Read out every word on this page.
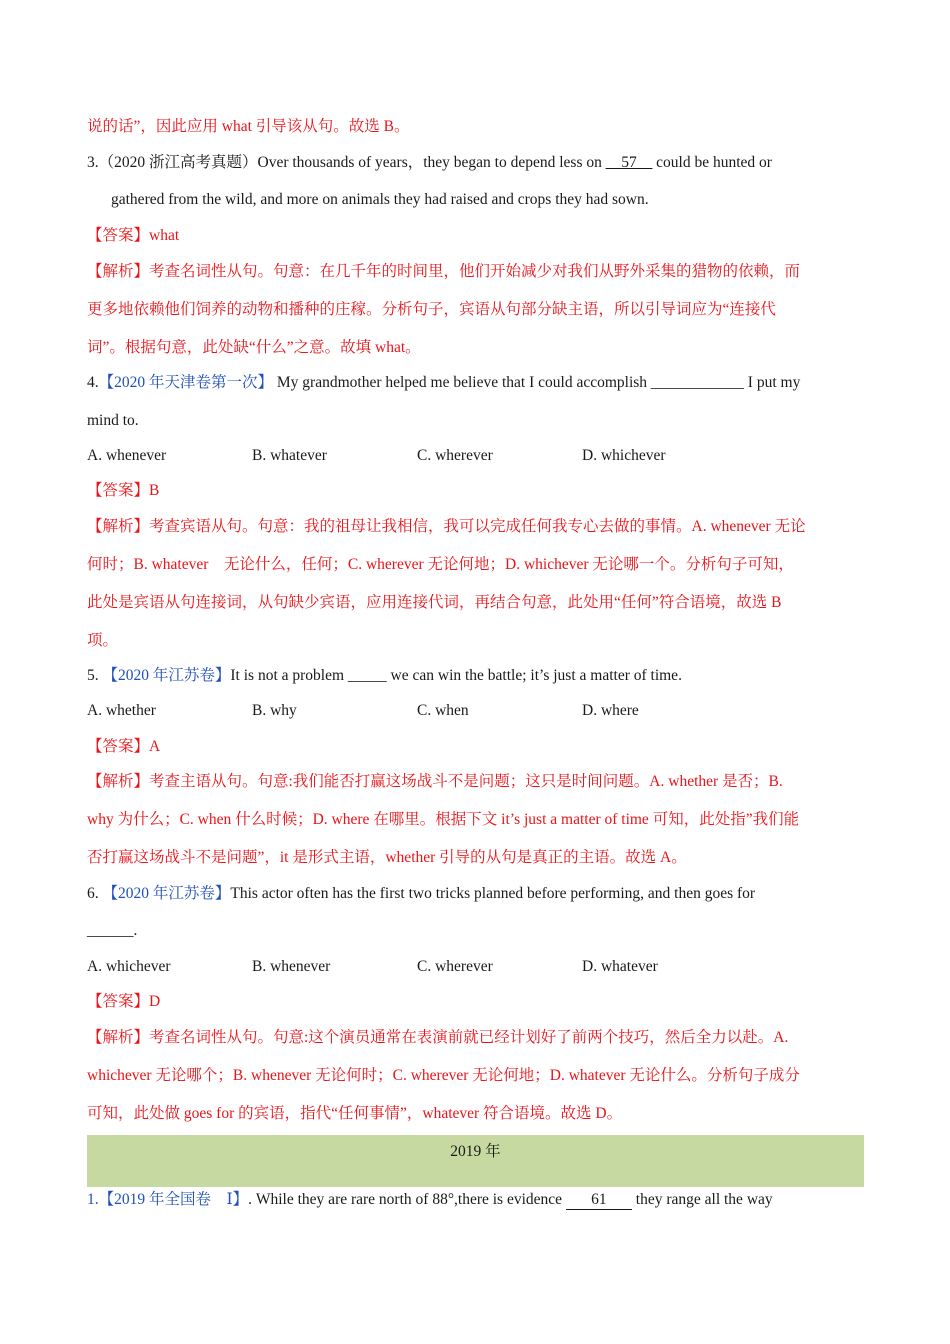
说的话”，因此应用 what 引导该从句。故选 B。
3.（2020 浙江高考真题）Over thousands of years，they began to depend less on __57__ could be hunted or
gathered from the wild, and more on animals they had raised and crops they had sown.
【答案】what
【解析】考查名词性从句。句意：在几千年的时间里，他们开始减少对我们从野外采集的猎物的依赖，而
更多地依赖他们饲养的动物和播种的庄稼。分析句子，宾语从句部分缺主语，所以引导词应为“连接代
词”。根据句意，此处缺“什么”之意。故填 what。
4.【2020 年天津卷第一次】 My grandmother helped me believe that I could accomplish ____________ I put my
mind to.
A. whenever	B. whatever	C. wherever	D. whichever
【答案】B
【解析】考查宾语从句。句意：我的祖母让我相信，我可以完成任何我专心去做的事情。A. whenever 无论
何时；B. whatever　无论什么，任何；C. wherever 无论何地；D. whichever 无论哪一个。分析句子可知，
此处是宾语从句连接词，从句缺少宾语，应用连接代词，再结合句意，此处用“任何”符合语境，故选 B
项。
5. 【2020 年江苏卷】It is not a problem _____ we can win the battle; it’s just a matter of time.
A. whether	B. why	C. when	D. where
【答案】A
【解析】考查主语从句。句意:我们能否打赢这场战斗不是问题；这只是时间问题。A. whether 是否；B.
why 为什么；C. when 什么时候；D. where 在哪里。根据下文 it’s just a matter of time 可知，此处指”我们能
否打赢这场战斗不是问题”，it 是形式主语，whether 引导的从句是真正的主语。故选 A。
6. 【2020 年江苏卷】This actor often has the first two tricks planned before performing, and then goes for
______.
A. whichever	B. whenever	C. wherever	D. whatever
【答案】D
【解析】考查名词性从句。句意:这个演员通常在表演前就已经计划好了前两个技巧，然后全力以赴。A.
whichever 无论哪个；B. whenever 无论何时；C. wherever 无论何地；D. whatever 无论什么。分析句子成分
可知，此处做 goes for 的宾语，指代“任何事情”，whatever 符合语境。故选 D。
2019 年
1.【2019 年全国卷　Ⅰ】. While they are rare north of 88°,there is evidence 61 they range all the way
